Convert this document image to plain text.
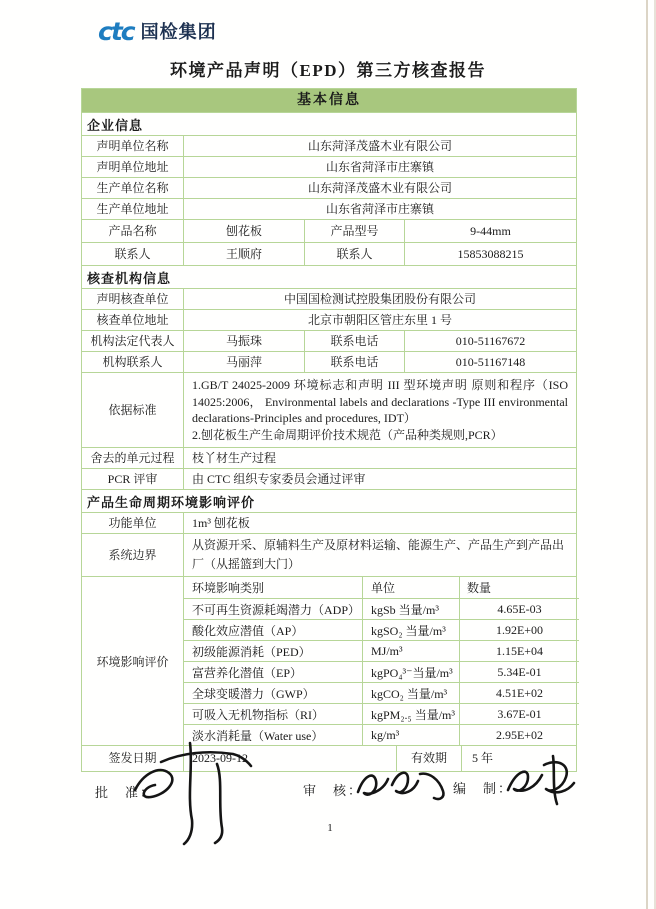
ctc 国检集团
环境产品声明（EPD）第三方核查报告
基本信息
企业信息
声明单位名称	山东菏泽茂盛木业有限公司
声明单位地址	山东省菏泽市庄寨镇
生产单位名称	山东菏泽茂盛木业有限公司
生产单位地址	山东省菏泽市庄寨镇
产品名称	刨花板	产品型号	9-44mm
联系人	王顺府	联系人	15853088215
核查机构信息
声明核查单位	中国国检测试控股集团股份有限公司
核查单位地址	北京市朝阳区管庄东里 1 号
机构法定代表人	马振珠	联系电话	010-51167672
机构联系人	马丽萍	联系电话	010-51167148
依据标准
1.GB/T 24025-2009 环境标志和声明 III 型环境声明 原则和程序（ISO 14025:2006， Environmental labels and declarations -Type III environmental declarations-Principles and procedures, IDT）
2.刨花板生产生命周期评价技术规范（产品种类规则,PCR）
舍去的单元过程	枝丫材生产过程
PCR 评审	由 CTC 组织专家委员会通过评审
产品生命周期环境影响评价
功能单位	1m³ 刨花板
系统边界
从资源开采、原辅料生产及原材料运输、能源生产、产品生产到产品出厂（从摇篮到大门）
环境影响评价
环境影响类别	单位	数量
不可再生资源耗竭潜力（ADP） kgSb 当量/m³	4.65E-03
酸化效应潜值（AP）	kgSO₂ 当量/m³	1.92E+00
初级能源消耗（PED）	MJ/m³	1.15E+04
富营养化潜值（EP）	kgPO₄³⁻当量/m³	5.34E-01
全球变暖潜力（GWP）	kgCO₂ 当量/m³	4.51E+02
可吸入无机物指标（RI）	kgPM₂.₅ 当量/m³	3.67E-01
淡水消耗量（Water use）	kg/m³	2.95E+02
签发日期	2023-09-12	有效期	5 年
批　准：	审　核：	编　制：
1
